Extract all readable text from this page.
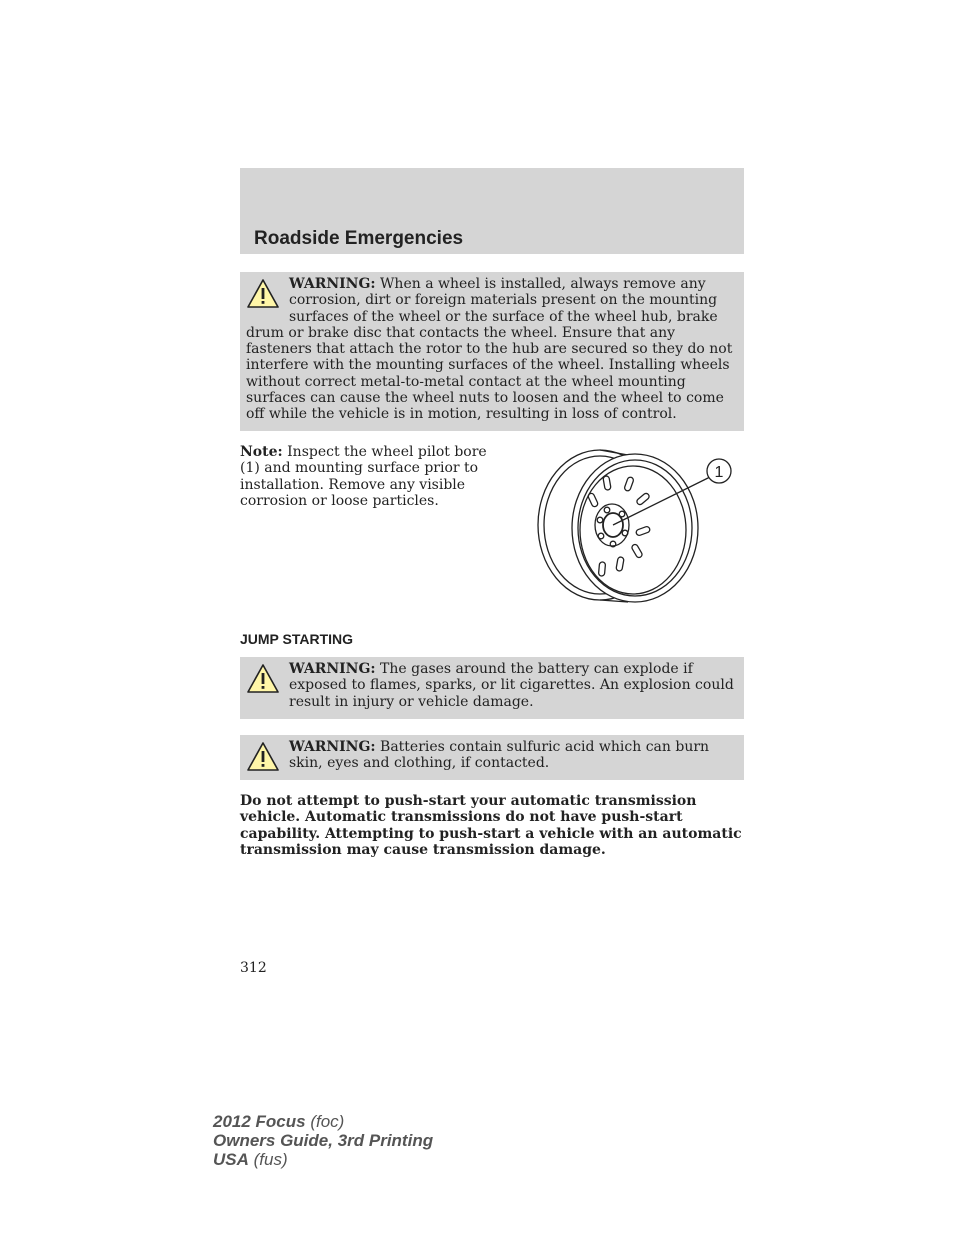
Roadside Emergencies
WARNING: When a wheel is installed, always remove any corrosion, dirt or foreign materials present on the mounting surfaces of the wheel or the surface of the wheel hub, brake drum or brake disc that contacts the wheel. Ensure that any fasteners that attach the rotor to the hub are secured so they do not interfere with the mounting surfaces of the wheel. Installing wheels without correct metal-to-metal contact at the wheel mounting surfaces can cause the wheel nuts to loosen and the wheel to come off while the vehicle is in motion, resulting in loss of control.
Note: Inspect the wheel pilot bore (1) and mounting surface prior to installation. Remove any visible corrosion or loose particles.
1
JUMP STARTING
WARNING: The gases around the battery can explode if exposed to flames, sparks, or lit cigarettes. An explosion could result in injury or vehicle damage.
WARNING: Batteries contain sulfuric acid which can burn skin, eyes and clothing, if contacted.
Do not attempt to push-start your automatic transmission vehicle. Automatic transmissions do not have push-start capability. Attempting to push-start a vehicle with an automatic transmission may cause transmission damage.
312
2012 Focus (foc)
Owners Guide, 3rd Printing
USA (fus)
